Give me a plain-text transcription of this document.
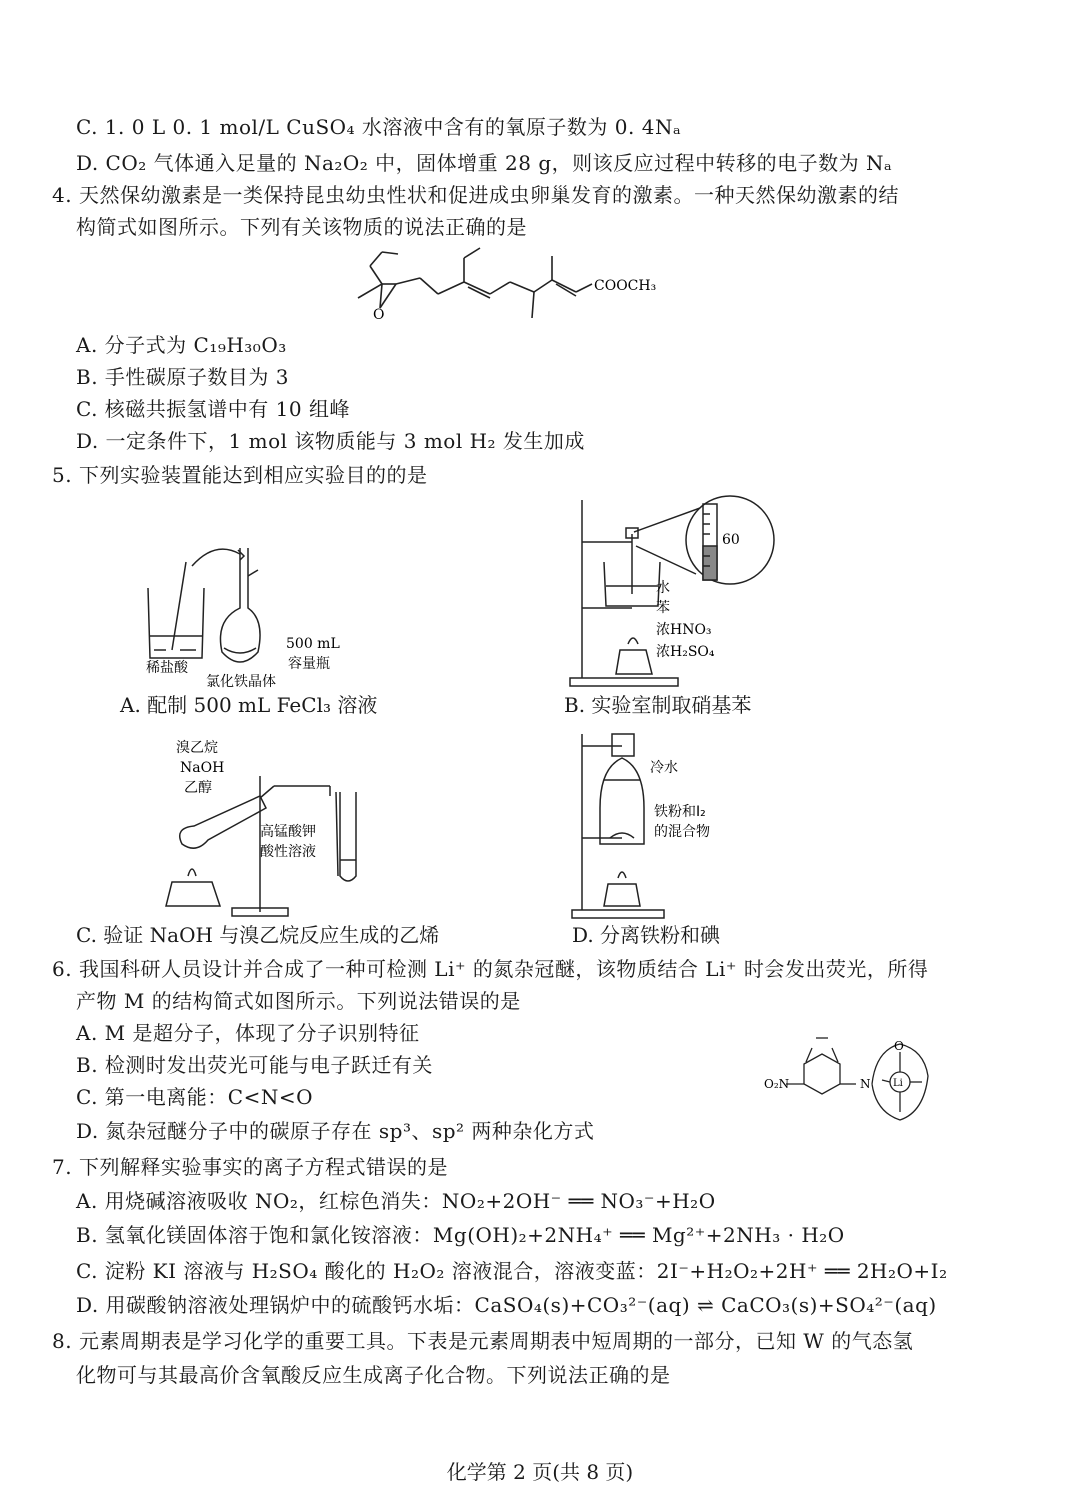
C. 1. 0 L 0. 1 mol/L CuSO₄ 水溶液中含有的氧原子数为 0. 4Nₐ
D. CO₂ 气体通入足量的 Na₂O₂ 中，固体增重 28 g，则该反应过程中转移的电子数为 Nₐ
4. 天然保幼激素是一类保持昆虫幼虫性状和促进成虫卵巢发育的激素。一种天然保幼激素的结
构简式如图所示。下列有关该物质的说法正确的是
O
COOCH₃
A. 分子式为 C₁₉H₃₀O₃
B. 手性碳原子数目为 3
C. 核磁共振氢谱中有 10 组峰
D. 一定条件下，1 mol 该物质能与 3 mol H₂ 发生加成
5. 下列实验装置能达到相应实验目的的是
稀盐酸
500 mL
容量瓶
氯化铁晶体
A. 配制 500 mL FeCl₃ 溶液
60
水
苯
浓HNO₃
浓H₂SO₄
B. 实验室制取硝基苯
溴乙烷
NaOH
乙醇
高锰酸钾
酸性溶液
C. 验证 NaOH 与溴乙烷反应生成的乙烯
冷水
铁粉和I₂
的混合物
D. 分离铁粉和碘
6. 我国科研人员设计并合成了一种可检测 Li⁺ 的氮杂冠醚，该物质结合 Li⁺ 时会发出荧光，所得
产物 M 的结构简式如图所示。下列说法错误的是
A. M 是超分子，体现了分子识别特征
B. 检测时发出荧光可能与电子跃迁有关
C. 第一电离能：C<N<O
D. 氮杂冠醚分子中的碳原子存在 sp³、sp² 两种杂化方式
O₂N	N
O
Li
7. 下列解释实验事实的离子方程式错误的是
A. 用烧碱溶液吸收 NO₂，红棕色消失：NO₂+2OH⁻ ══ NO₃⁻+H₂O
B. 氢氧化镁固体溶于饱和氯化铵溶液：Mg(OH)₂+2NH₄⁺ ══ Mg²⁺+2NH₃ · H₂O
C. 淀粉 KI 溶液与 H₂SO₄ 酸化的 H₂O₂ 溶液混合，溶液变蓝：2I⁻+H₂O₂+2H⁺ ══ 2H₂O+I₂
D. 用碳酸钠溶液处理锅炉中的硫酸钙水垢：CaSO₄(s)+CO₃²⁻(aq) ⇌ CaCO₃(s)+SO₄²⁻(aq)
8. 元素周期表是学习化学的重要工具。下表是元素周期表中短周期的一部分，已知 W 的气态氢
化物可与其最高价含氧酸反应生成离子化合物。下列说法正确的是
化学第 2 页(共 8 页)
